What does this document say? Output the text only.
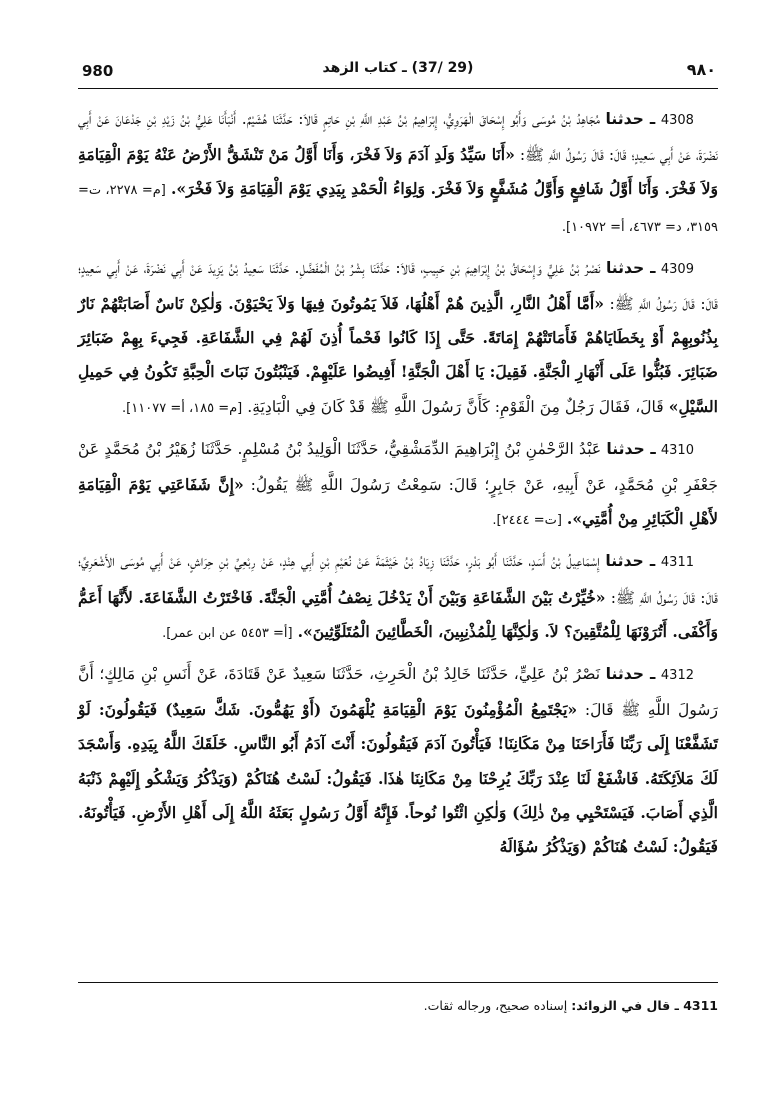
980	(29 /37) ـ كتاب الزهد	٩٨٠

4308 ـ حدثنا مُجَاهِدُ بْنُ مُوسَى وَأَبُو إِسْحَاقَ الْهَرَوِيُّ، إِبْرَاهِيمُ بْنُ عَبْدِ اللَّهِ بْنِ حَاتِمٍ قَالاَ: حَدَّثَنَا هُشَيْمٌ. أَنْبَأَنَا عَلِيُّ بْنُ زَيْدِ بْنِ جَدْعَانَ عَنْ أَبِي نَضْرَةَ، عَنْ أَبِي سَعِيدٍ؛ قَالَ: قَالَ رَسُولُ اللَّهِ ﷺ: «أَنَا سَيِّدُ وَلَدِ آدَمَ وَلاَ فَخْرَ، وَأَنَا أَوَّلُ مَنْ تَنْشَقُّ الأَرْضُ عَنْهُ يَوْمَ الْقِيَامَةِ وَلاَ فَخْرَ. وَأَنَا أَوَّلُ شَافِعٍ وَأَوَّلُ مُشَفَّعٍ وَلاَ فَخْرَ. وَلِوَاءُ الْحَمْدِ بِيَدِي يَوْمَ الْقِيَامَةِ وَلاَ فَخْرَ». [م= ٢٢٧٨، ت= ٣١٥٩، د= ٤٦٧٣، أ= ١٠٩٧٢].

4309 ـ حدثنا نَصْرُ بْنُ عَلِيٍّ وَإِسْحَاقُ بْنُ إِبْرَاهِيمَ بْنِ حَبِيبٍ، قَالاَ: حَدَّثَنَا بِشْرُ بْنُ الْمُفَضَّلِ. حَدَّثَنَا سَعِيدُ بْنُ يَزِيدَ عَنْ أَبِي نَضْرَةَ، عَنْ أَبِي سَعِيدٍ؛ قَالَ: قَالَ رَسُولُ اللَّهِ ﷺ: «أَمَّا أَهْلُ النَّارِ، الَّذِينَ هُمْ أَهْلُهَا، فَلاَ يَمُوتُونَ فِيهَا وَلاَ يَحْيَوْنَ. وَلٰكِنْ نَاسٌ أَصَابَتْهُمْ نَارٌ بِذُنُوبِهِمْ أَوْ بِخَطَايَاهُمْ فَأَمَاتَتْهُمْ إِمَاتَةً. حَتَّى إِذَا كَانُوا فَحْماً أُذِنَ لَهُمْ فِي الشَّفَاعَةِ. فَجِيءَ بِهِمْ ضَبَائِرَ ضَبَائِرَ. فَبُثُّوا عَلَى أَنْهَارِ الْجَنَّةِ. فَقِيلَ: يَا أَهْلَ الْجَنَّةِ! أَفِيضُوا عَلَيْهِمْ. فَيَنْبُتُونَ نَبَاتَ الْحِبَّةِ تَكُونُ فِي حَمِيلِ السَّيْلِ» قَالَ، فَقَالَ رَجُلٌ مِنَ الْقَوْمِ: كَأَنَّ رَسُولَ اللَّهِ ﷺ قَدْ كَانَ فِي الْبَادِيَةِ. [م= ١٨٥، أ= ١١٠٧٧].

4310 ـ حدثنا عَبْدُ الرَّحْمٰنِ بْنُ إِبْرَاهِيمَ الدِّمَشْقِيُّ، حَدَّثَنَا الْوَلِيدُ بْنُ مُسْلِمٍ. حَدَّثَنَا زُهَيْرُ بْنُ مُحَمَّدٍ عَنْ جَعْفَرِ بْنِ مُحَمَّدٍ، عَنْ أَبِيهِ، عَنْ جَابِرٍ؛ قَالَ: سَمِعْتُ رَسُولَ اللَّهِ ﷺ يَقُولُ: «إِنَّ شَفَاعَتِي يَوْمَ الْقِيَامَةِ لأَهْلِ الْكَبَائِرِ مِنْ أُمَّتِي». [ت= ٢٤٤٤].

4311 ـ حدثنا إِسْمَاعِيلُ بْنُ أَسَدٍ، حَدَّثَنَا أَبُو بَدْرٍ، حَدَّثَنَا زِيَادُ بْنُ خَيْثَمَةَ عَنْ نُعَيْمِ بْنِ أَبِي هِنْدٍ، عَنْ رِبْعِيِّ بْنِ حِرَاشٍ، عَنْ أَبِي مُوسَى الأَشْعَرِيِّ؛ قَالَ: قَالَ رَسُولُ اللَّهِ ﷺ: «خُيِّرْتُ بَيْنَ الشَّفَاعَةِ وَبَيْنَ أَنْ يَدْخُلَ نِصْفُ أُمَّتِي الْجَنَّةَ. فَاخْتَرْتُ الشَّفَاعَةَ. لأَنَّهَا أَعَمُّ وَأَكْفَى. أَتُرَوْنَهَا لِلْمُتَّقِينَ؟ لاَ. وَلٰكِنَّهَا لِلْمُذْنِبِينَ، الْخَطَّائِينَ الْمُتَلَوِّثِينَ». [أ= ٥٤٥٣ عن ابن عمر].

4312 ـ حدثنا نَصْرُ بْنُ عَلِيٍّ، حَدَّثَنَا خَالِدُ بْنُ الْحَرِثِ، حَدَّثَنَا سَعِيدٌ عَنْ قَتَادَةَ، عَنْ أَنَسِ بْنِ مَالِكٍ؛ أَنَّ رَسُولَ اللَّهِ ﷺ قَالَ: «يَجْتَمِعُ الْمُؤْمِنُونَ يَوْمَ الْقِيَامَةِ يُلْهَمُونَ (أَوْ يَهُمُّونَ. شَكَّ سَعِيدٌ) فَيَقُولُونَ: لَوْ تَشَفَّعْنَا إِلَى رَبِّنَا فَأَرَاحَنَا مِنْ مَكَانِنَا! فَيَأْتُونَ آدَمَ فَيَقُولُونَ: أَنْتَ آدَمُ أَبُو النَّاسِ. خَلَقَكَ اللَّهُ بِيَدِهِ. وَأَسْجَدَ لَكَ مَلاَئِكَتَهُ. فَاشْفَعْ لَنَا عِنْدَ رَبِّكَ يُرِحْنَا مِنْ مَكَانِنَا هٰذَا. فَيَقُولُ: لَسْتُ هُنَاكُمْ (وَيَذْكُرُ وَيَشْكُو إِلَيْهِمْ ذَنْبَهُ الَّذِي أَصَابَ. فَيَسْتَحْيِي مِنْ ذٰلِكَ) وَلٰكِنِ ائْتُوا نُوحاً. فَإِنَّهُ أَوَّلُ رَسُولٍ بَعَثَهُ اللَّهُ إِلَى أَهْلِ الأَرْضِ. فَيَأْتُونَهُ. فَيَقُولُ: لَسْتُ هُنَاكُمْ (وَيَذْكُرُ سُؤَالَهُ

4311 ـ قال في الزوائد: إسناده صحيح، ورجاله ثقات.
